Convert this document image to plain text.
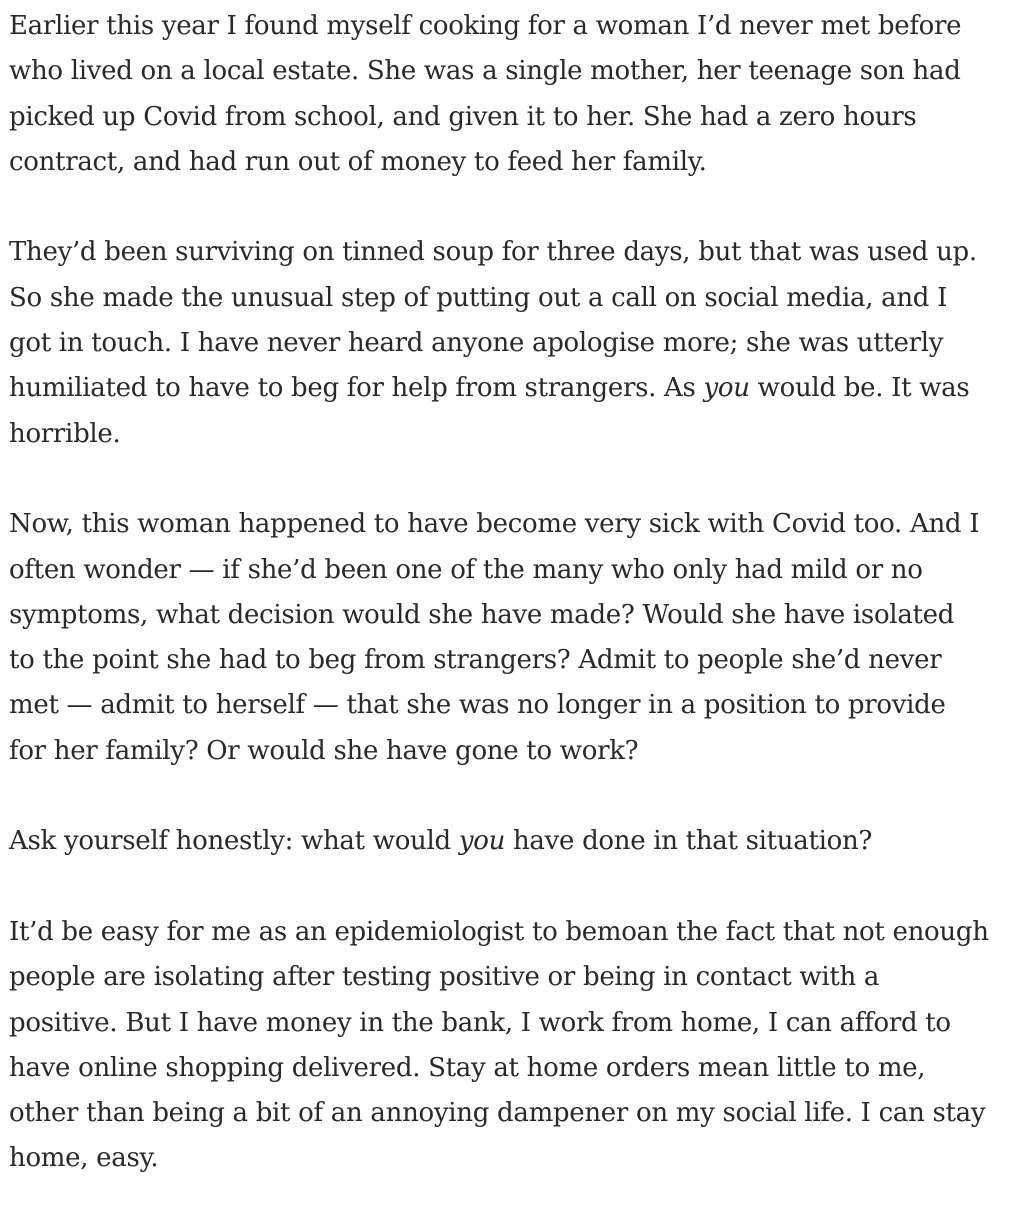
Earlier this year I found myself cooking for a woman I’d never met before
who lived on a local estate. She was a single mother, her teenage son had
picked up Covid from school, and given it to her. She had a zero hours
contract, and had run out of money to feed her family.

They’d been surviving on tinned soup for three days, but that was used up.
So she made the unusual step of putting out a call on social media, and I
got in touch. I have never heard anyone apologise more; she was utterly
humiliated to have to beg for help from strangers. As you would be. It was
horrible.

Now, this woman happened to have become very sick with Covid too. And I
often wonder — if she’d been one of the many who only had mild or no
symptoms, what decision would she have made? Would she have isolated
to the point she had to beg from strangers? Admit to people she’d never
met — admit to herself — that she was no longer in a position to provide
for her family? Or would she have gone to work?

Ask yourself honestly: what would you have done in that situation?

It’d be easy for me as an epidemiologist to bemoan the fact that not enough
people are isolating after testing positive or being in contact with a
positive. But I have money in the bank, I work from home, I can afford to
have online shopping delivered. Stay at home orders mean little to me,
other than being a bit of an annoying dampener on my social life. I can stay
home, easy.
